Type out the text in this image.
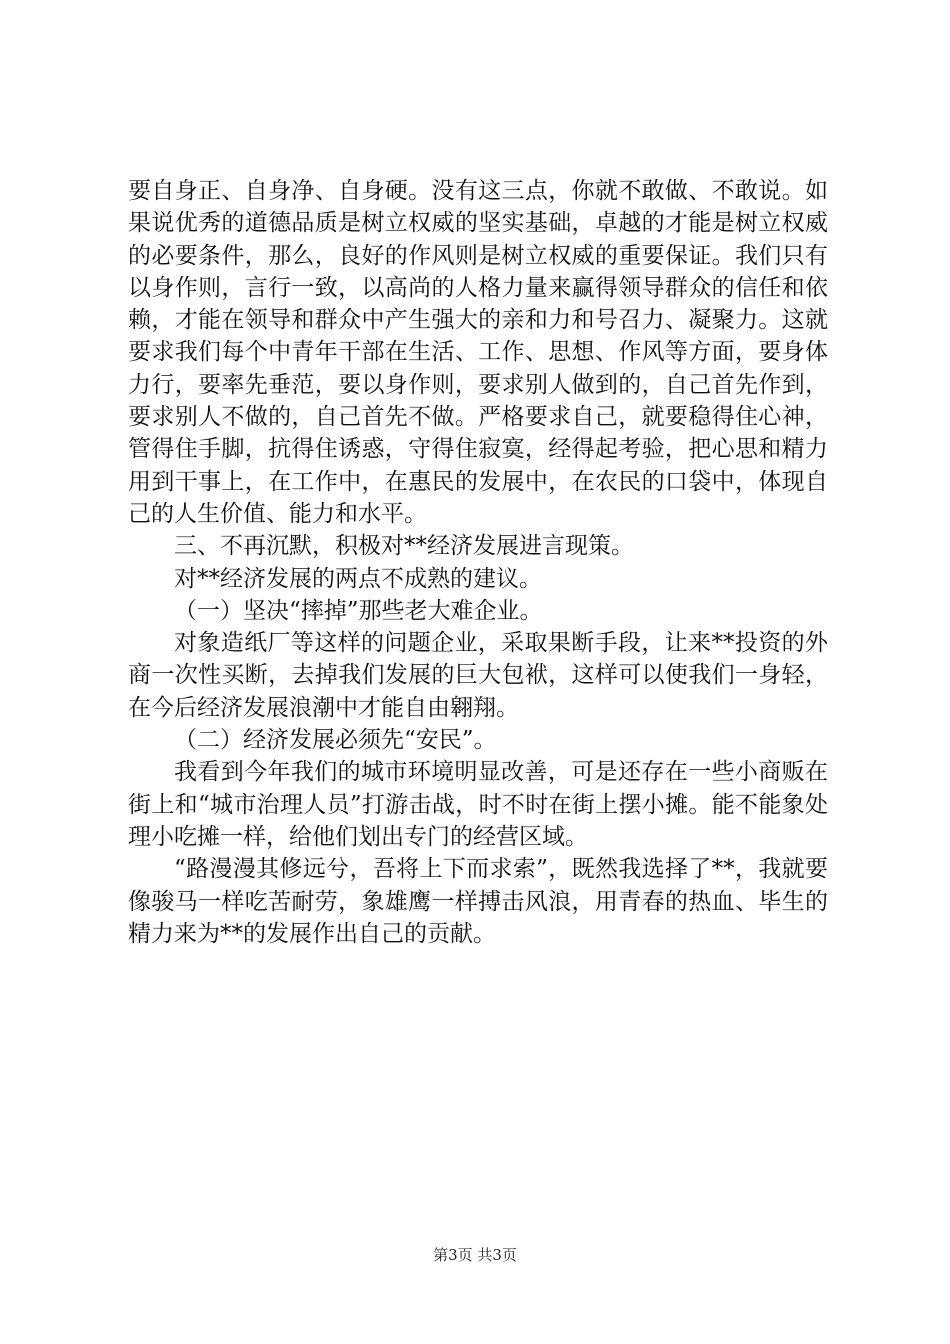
要自身正、自身净、自身硬。没有这三点，你就不敢做、不敢说。如果说优秀的道德品质是树立权威的坚实基础，卓越的才能是树立权威的必要条件，那么，良好的作风则是树立权威的重要保证。我们只有以身作则，言行一致，以高尚的人格力量来赢得领导群众的信任和依赖，才能在领导和群众中产生强大的亲和力和号召力、凝聚力。这就要求我们每个中青年干部在生活、工作、思想、作风等方面，要身体力行，要率先垂范，要以身作则，要求别人做到的，自己首先作到，要求别人不做的，自己首先不做。严格要求自己，就要稳得住心神，管得住手脚，抗得住诱惑，守得住寂寞，经得起考验，把心思和精力用到干事上，在工作中，在惠民的发展中，在农民的口袋中，体现自己的人生价值、能力和水平。

三、不再沉默，积极对**经济发展进言现策。

对**经济发展的两点不成熟的建议。

（一）坚决“摔掉”那些老大难企业。

对象造纸厂等这样的问题企业，采取果断手段，让来**投资的外商一次性买断，去掉我们发展的巨大包袱，这样可以使我们一身轻，在今后经济发展浪潮中才能自由翱翔。

（二）经济发展必须先“安民”。

我看到今年我们的城市环境明显改善，可是还存在一些小商贩在街上和“城市治理人员”打游击战，时不时在街上摆小摊。能不能象处理小吃摊一样，给他们划出专门的经营区域。

“路漫漫其修远兮，吾将上下而求索”，既然我选择了**，我就要像骏马一样吃苦耐劳，象雄鹰一样搏击风浪，用青春的热血、毕生的精力来为**的发展作出自己的贡献。

第3页 共3页
